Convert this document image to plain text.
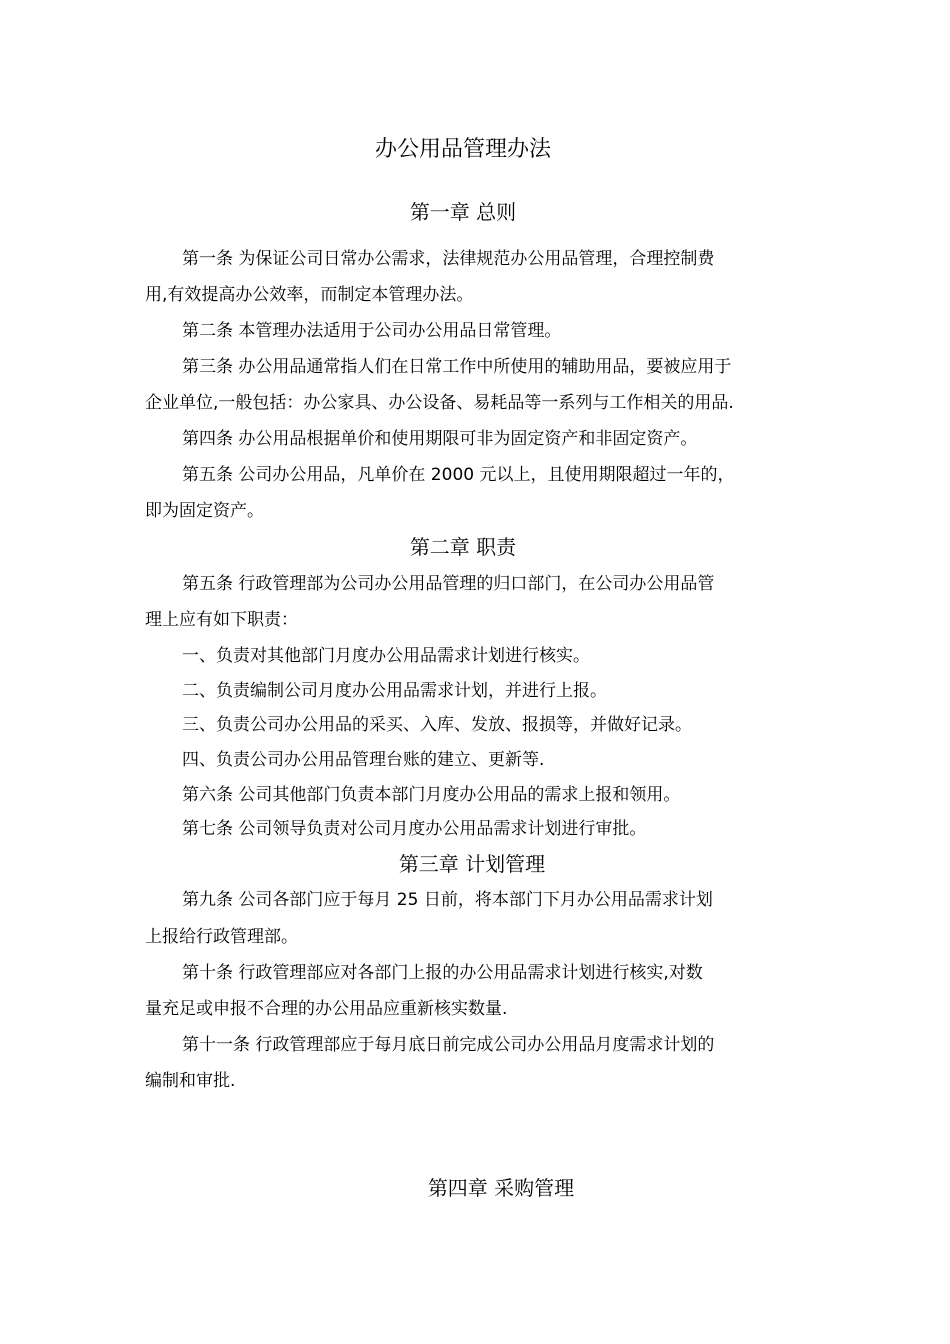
办公用品管理办法
第一章 总则

第一条 为保证公司日常办公需求，法律规范办公用品管理，合理控制费

用,有效提高办公效率，而制定本管理办法。

第二条 本管理办法适用于公司办公用品日常管理。

第三条 办公用品通常指人们在日常工作中所使用的辅助用品，要被应用于

企业单位,一般包括：办公家具、办公设备、易耗品等一系列与工作相关的用品.

第四条 办公用品根据单价和使用期限可非为固定资产和非固定资产。

第五条 公司办公用品，凡单价在 2000 元以上，且使用期限超过一年的，

即为固定资产。

第二章 职责

第五条 行政管理部为公司办公用品管理的归口部门，在公司办公用品管

理上应有如下职责：

一、负责对其他部门月度办公用品需求计划进行核实。

二、负责编制公司月度办公用品需求计划，并进行上报。

三、负责公司办公用品的采买、入库、发放、报损等，并做好记录。

四、负责公司办公用品管理台账的建立、更新等.

第六条 公司其他部门负责本部门月度办公用品的需求上报和领用。

第七条 公司领导负责对公司月度办公用品需求计划进行审批。

第三章 计划管理

第九条 公司各部门应于每月 25 日前，将本部门下月办公用品需求计划

上报给行政管理部。

第十条 行政管理部应对各部门上报的办公用品需求计划进行核实,对数

量充足或申报不合理的办公用品应重新核实数量.

第十一条 行政管理部应于每月底日前完成公司办公用品月度需求计划的

编制和审批.

第四章 采购管理
